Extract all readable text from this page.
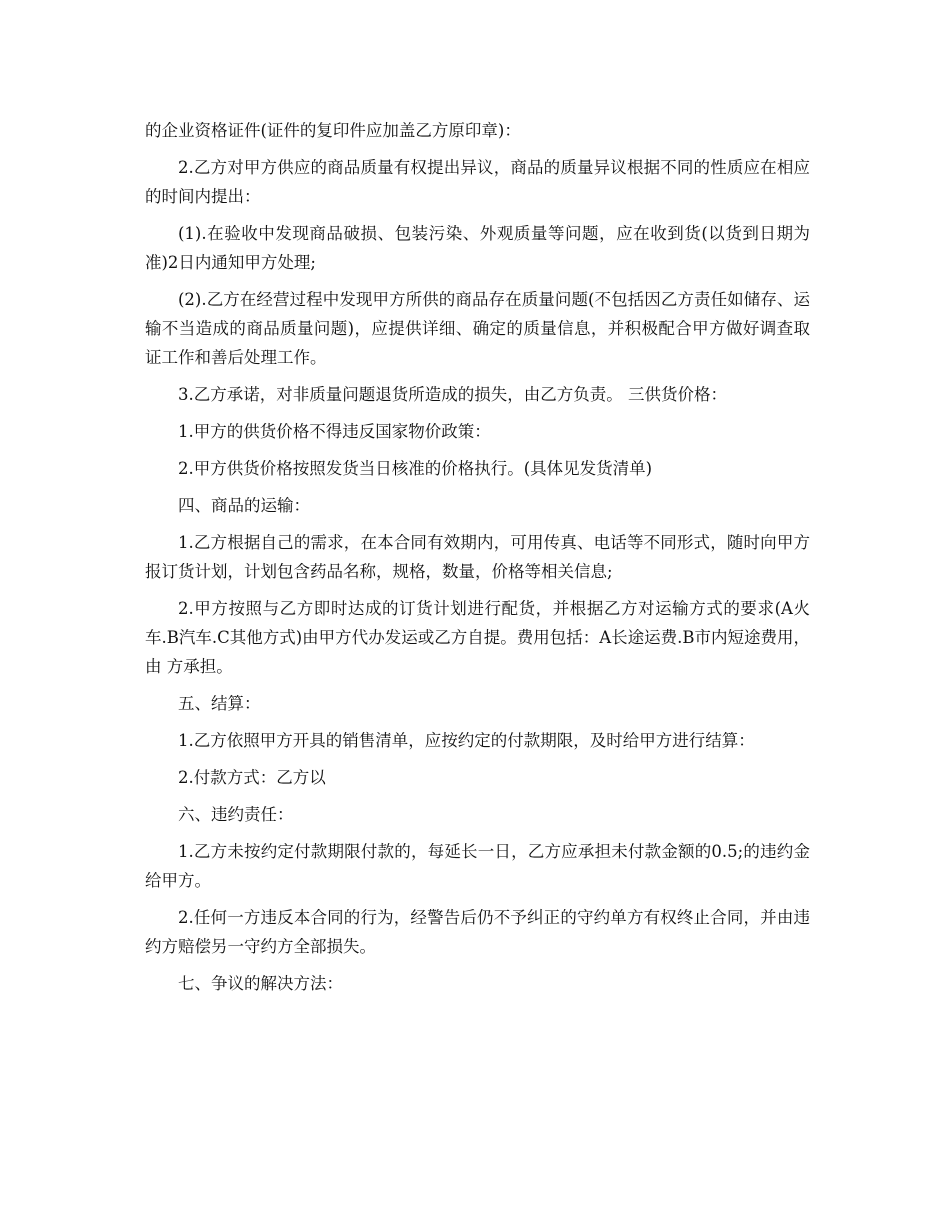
的企业资格证件(证件的复印件应加盖乙方原印章)：

2.乙方对甲方供应的商品质量有权提出异议，商品的质量异议根据不同的性质应在相应的时间内提出：

(1).在验收中发现商品破损、包装污染、外观质量等问题，应在收到货(以货到日期为准)2日内通知甲方处理;

(2).乙方在经营过程中发现甲方所供的商品存在质量问题(不包括因乙方责任如储存、运输不当造成的商品质量问题)，应提供详细、确定的质量信息，并积极配合甲方做好调查取证工作和善后处理工作。

3.乙方承诺，对非质量问题退货所造成的损失，由乙方负责。 三供货价格：

1.甲方的供货价格不得违反国家物价政策：

2.甲方供货价格按照发货当日核准的价格执行。(具体见发货清单)

四、商品的运输：

1.乙方根据自己的需求，在本合同有效期内，可用传真、电话等不同形式，随时向甲方报订货计划，计划包含药品名称，规格，数量，价格等相关信息;

2.甲方按照与乙方即时达成的订货计划进行配货，并根据乙方对运输方式的要求(A火车.B汽车.C其他方式)由甲方代办发运或乙方自提。费用包括：A长途运费.B市内短途费用，由 方承担。

五、结算：

1.乙方依照甲方开具的销售清单，应按约定的付款期限，及时给甲方进行结算：

2.付款方式：乙方以

六、违约责任：

1.乙方未按约定付款期限付款的，每延长一日，乙方应承担未付款金额的0.5;的违约金给甲方。

2.任何一方违反本合同的行为，经警告后仍不予纠正的守约单方有权终止合同，并由违约方赔偿另一守约方全部损失。

七、争议的解决方法：
